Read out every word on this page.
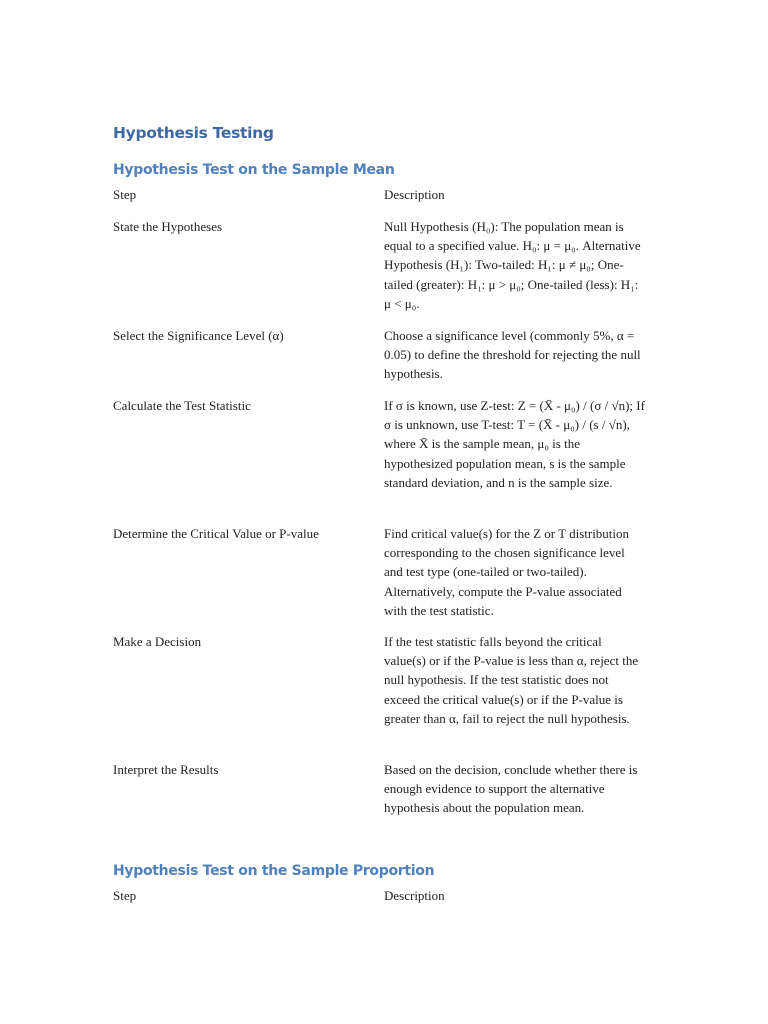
Hypothesis Testing
Hypothesis Test on the Sample Mean
Step	Description
State the Hypotheses	Null Hypothesis (H₀): The population mean is equal to a specified value. H₀: μ = μ₀. Alternative Hypothesis (H₁): Two-tailed: H₁: μ ≠ μ₀; One-tailed (greater): H₁: μ > μ₀; One-tailed (less): H₁: μ < μ₀.
Select the Significance Level (α)	Choose a significance level (commonly 5%, α = 0.05) to define the threshold for rejecting the null hypothesis.
Calculate the Test Statistic	If σ is known, use Z-test: Z = (X̄ - μ₀) / (σ / √n); If σ is unknown, use T-test: T = (X̄ - μ₀) / (s / √n), where X̄ is the sample mean, μ₀ is the hypothesized population mean, s is the sample standard deviation, and n is the sample size.
Determine the Critical Value or P-value	Find critical value(s) for the Z or T distribution corresponding to the chosen significance level and test type (one-tailed or two-tailed). Alternatively, compute the P-value associated with the test statistic.
Make a Decision	If the test statistic falls beyond the critical value(s) or if the P-value is less than α, reject the null hypothesis. If the test statistic does not exceed the critical value(s) or if the P-value is greater than α, fail to reject the null hypothesis.
Interpret the Results	Based on the decision, conclude whether there is enough evidence to support the alternative hypothesis about the population mean.
Hypothesis Test on the Sample Proportion
Step	Description
